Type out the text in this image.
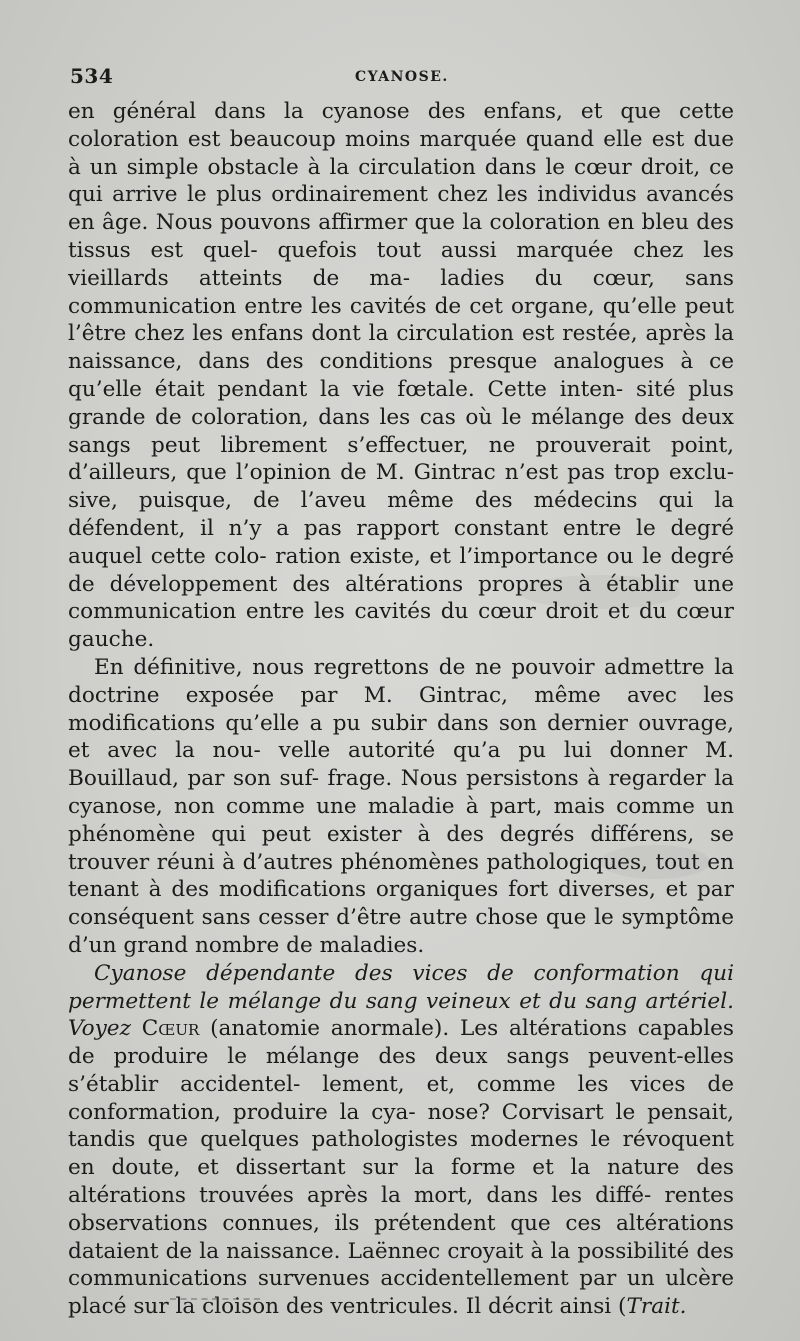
534	CYANOSE.

en général dans la cyanose des enfans, et que cette coloration est beaucoup moins marquée quand elle est due à un simple obstacle à la circulation dans le cœur droit, ce qui arrive le plus ordinairement chez les individus avancés en âge. Nous pouvons affirmer que la coloration en bleu des tissus est quel- quefois tout aussi marquée chez les vieillards atteints de ma- ladies du cœur, sans communication entre les cavités de cet organe, qu’elle peut l’être chez les enfans dont la circulation est restée, après la naissance, dans des conditions presque analogues à ce qu’elle était pendant la vie fœtale. Cette inten- sité plus grande de coloration, dans les cas où le mélange des deux sangs peut librement s’effectuer, ne prouverait point, d’ailleurs, que l’opinion de M. Gintrac n’est pas trop exclu- sive, puisque, de l’aveu même des médecins qui la défendent, il n’y a pas rapport constant entre le degré auquel cette colo- ration existe, et l’importance ou le degré de développement des altérations propres à établir une communication entre les cavités du cœur droit et du cœur gauche.

En définitive, nous regrettons de ne pouvoir admettre la doctrine exposée par M. Gintrac, même avec les modifications qu’elle a pu subir dans son dernier ouvrage, et avec la nou- velle autorité qu’a pu lui donner M. Bouillaud, par son suf- frage. Nous persistons à regarder la cyanose, non comme une maladie à part, mais comme un phénomène qui peut exister à des degrés différens, se trouver réuni à d’autres phénomènes pathologiques, tout en tenant à des modifications organiques fort diverses, et par conséquent sans cesser d’être autre chose que le symptôme d’un grand nombre de maladies.

Cyanose dépendante des vices de conformation qui permettent le mélange du sang veineux et du sang artériel. Voyez Cœur (anatomie anormale). Les altérations capables de produire le mélange des deux sangs peuvent-elles s’établir accidentel- lement, et, comme les vices de conformation, produire la cya- nose? Corvisart le pensait, tandis que quelques pathologistes modernes le révoquent en doute, et dissertant sur la forme et la nature des altérations trouvées après la mort, dans les diffé- rentes observations connues, ils prétendent que ces altérations dataient de la naissance. Laënnec croyait à la possibilité des communications survenues accidentellement par un ulcère placé sur la cloison des ventricules. Il décrit ainsi (Trait.
